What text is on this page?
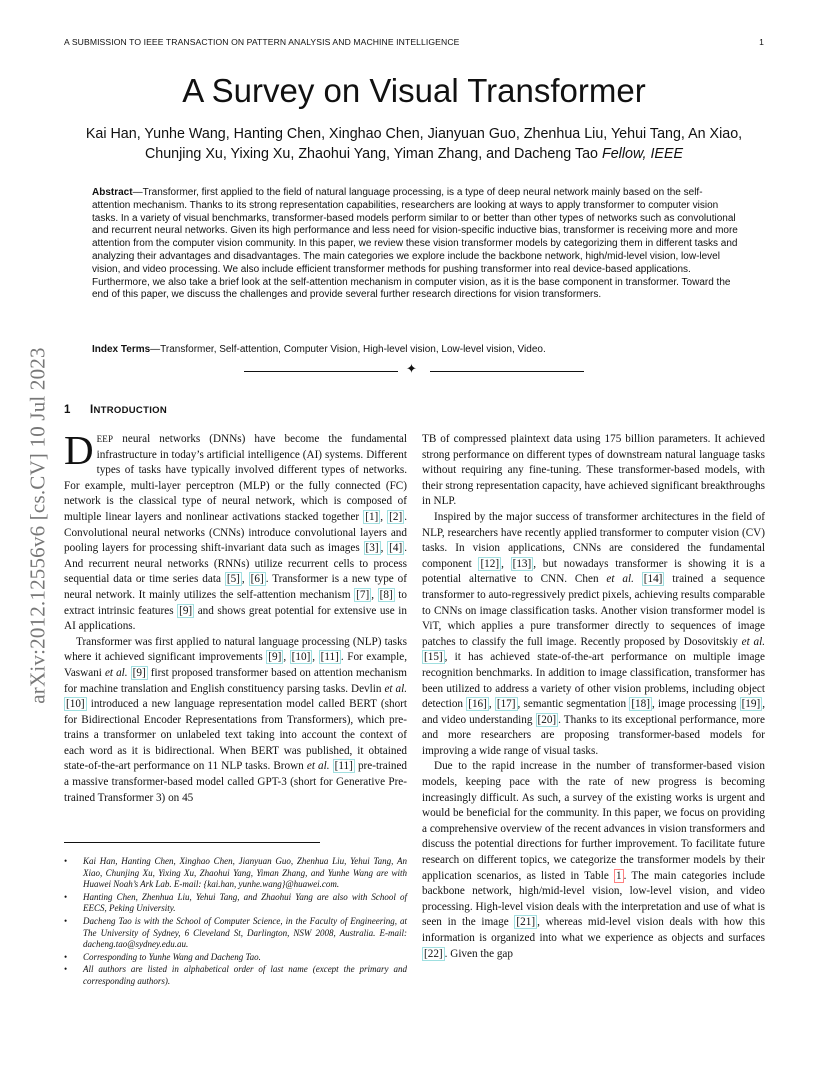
A SUBMISSION TO IEEE TRANSACTION ON PATTERN ANALYSIS AND MACHINE INTELLIGENCE	1
arXiv:2012.12556v6 [cs.CV] 10 Jul 2023
A Survey on Visual Transformer
Kai Han, Yunhe Wang, Hanting Chen, Xinghao Chen, Jianyuan Guo, Zhenhua Liu, Yehui Tang, An Xiao, Chunjing Xu, Yixing Xu, Zhaohui Yang, Yiman Zhang, and Dacheng Tao Fellow, IEEE
Abstract—Transformer, first applied to the field of natural language processing, is a type of deep neural network mainly based on the self-attention mechanism. Thanks to its strong representation capabilities, researchers are looking at ways to apply transformer to computer vision tasks. In a variety of visual benchmarks, transformer-based models perform similar to or better than other types of networks such as convolutional and recurrent neural networks. Given its high performance and less need for vision-specific inductive bias, transformer is receiving more and more attention from the computer vision community. In this paper, we review these vision transformer models by categorizing them in different tasks and analyzing their advantages and disadvantages. The main categories we explore include the backbone network, high/mid-level vision, low-level vision, and video processing. We also include efficient transformer methods for pushing transformer into real device-based applications. Furthermore, we also take a brief look at the self-attention mechanism in computer vision, as it is the base component in transformer. Toward the end of this paper, we discuss the challenges and provide several further research directions for vision transformers.
Index Terms—Transformer, Self-attention, Computer Vision, High-level vision, Low-level vision, Video.
✦
1 INTRODUCTION

DEEP neural networks (DNNs) have become the fundamental infrastructure in today’s artificial intelligence (AI) systems. Different types of tasks have typically involved different types of networks. For example, multi-layer perceptron (MLP) or the fully connected (FC) network is the classical type of neural network, which is composed of multiple linear layers and nonlinear activations stacked together [1] , [2] . Convolutional neural networks (CNNs) introduce convolutional layers and pooling layers for processing shift-invariant data such as images [3] , [4] . And recurrent neural networks (RNNs) utilize recurrent cells to process sequential data or time series data [5] , [6] . Transformer is a new type of neural network. It mainly utilizes the self-attention mechanism [7] , [8] to extract intrinsic features [9] and shows great potential for extensive use in AI applications.

Transformer was first applied to natural language processing (NLP) tasks where it achieved significant improvements [9] , [10] , [11] . For example, Vaswani et al. [9] first proposed transformer based on attention mechanism for machine translation and English constituency parsing tasks. Devlin et al. [10] introduced a new language representation model called BERT (short for Bidirectional Encoder Representations from Transformers), which pre-trains a transformer on unlabeled text taking into account the context of each word as it is bidirectional. When BERT was published, it obtained state-of-the-art performance on 11 NLP tasks. Brown et al. [11] pre-trained a massive transformer-based model called GPT-3 (short for Generative Pre-trained Transformer 3) on 45

TB of compressed plaintext data using 175 billion parameters. It achieved strong performance on different types of downstream natural language tasks without requiring any fine-tuning. These transformer-based models, with their strong representation capacity, have achieved significant breakthroughs in NLP.

Inspired by the major success of transformer architectures in the field of NLP, researchers have recently applied transformer to computer vision (CV) tasks. In vision applications, CNNs are considered the fundamental component [12] , [13] , but nowadays transformer is showing it is a potential alternative to CNN. Chen et al. [14] trained a sequence transformer to auto-regressively predict pixels, achieving results comparable to CNNs on image classification tasks. Another vision transformer model is ViT, which applies a pure transformer directly to sequences of image patches to classify the full image. Recently proposed by Dosovitskiy et al. [15] , it has achieved state-of-the-art performance on multiple image recognition benchmarks. In addition to image classification, transformer has been utilized to address a variety of other vision problems, including object detection [16] , [17] , semantic segmentation [18] , image processing [19] , and video understanding [20] . Thanks to its exceptional performance, more and more researchers are proposing transformer-based models for improving a wide range of visual tasks.

Due to the rapid increase in the number of transformer-based vision models, keeping pace with the rate of new progress is becoming increasingly difficult. As such, a survey of the existing works is urgent and would be beneficial for the community. In this paper, we focus on providing a comprehensive overview of the recent advances in vision transformers and discuss the potential directions for further improvement. To facilitate future research on different topics, we categorize the transformer models by their application scenarios, as listed in Table 1 . The main categories include backbone network, high/mid-level vision, low-level vision, and video processing. High-level vision deals with the interpretation and use of what is seen in the image [21] , whereas mid-level vision deals with how this information is organized into what we experience as objects and surfaces [22] . Given the gap

• Kai Han, Hanting Chen, Xinghao Chen, Jianyuan Guo, Zhenhua Liu, Yehui Tang, An Xiao, Chunjing Xu, Yixing Xu, Zhaohui Yang, Yiman Zhang, and Yunhe Wang are with Huawei Noah’s Ark Lab. E-mail: {kai.han, yunhe.wang}@huawei.com.
• Hanting Chen, Zhenhua Liu, Yehui Tang, and Zhaohui Yang are also with School of EECS, Peking University.
• Dacheng Tao is with the School of Computer Science, in the Faculty of Engineering, at The University of Sydney, 6 Cleveland St, Darlington, NSW 2008, Australia. E-mail: dacheng.tao@sydney.edu.au.
• Corresponding to Yunhe Wang and Dacheng Tao.
• All authors are listed in alphabetical order of last name (except the primary and corresponding authors).
